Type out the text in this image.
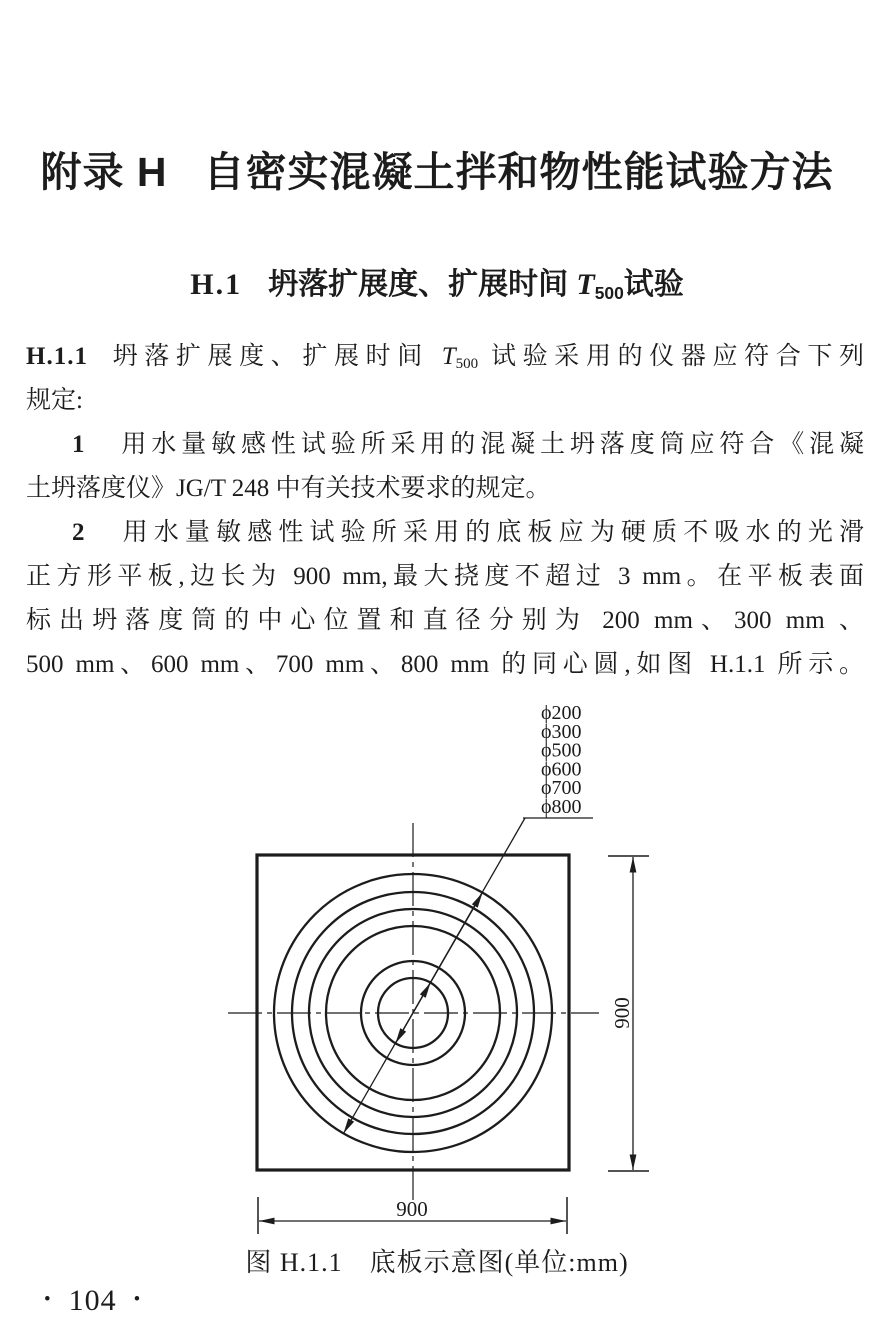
附录 H 自密实混凝土拌和物性能试验方法
H.1 坍落扩展度、扩展时间 $T_{500}$试验
H.1.1 坍落扩展度、扩展时间 $T_{500}$ 试验采用的仪器应符合下列
规定:
1 用水量敏感性试验所采用的混凝土坍落度筒应符合《混凝
土坍落度仪》JG/T 248 中有关技术要求的规定。
2 用水量敏感性试验所采用的底板应为硬质不吸水的光滑
正方形平板,边长为 900 mm,最大挠度不超过 3 mm。在平板表面
标出坍落度筒的中心位置和直径分别为 200 mm、300 mm 、
500 mm、600 mm、700 mm、800 mm 的同心圆,如图 H.1.1 所示。
ϕ200
ϕ300
ϕ500
ϕ600
ϕ700
ϕ800
900
900
图 H.1.1　底板示意图(单位:mm)
• 104 •
